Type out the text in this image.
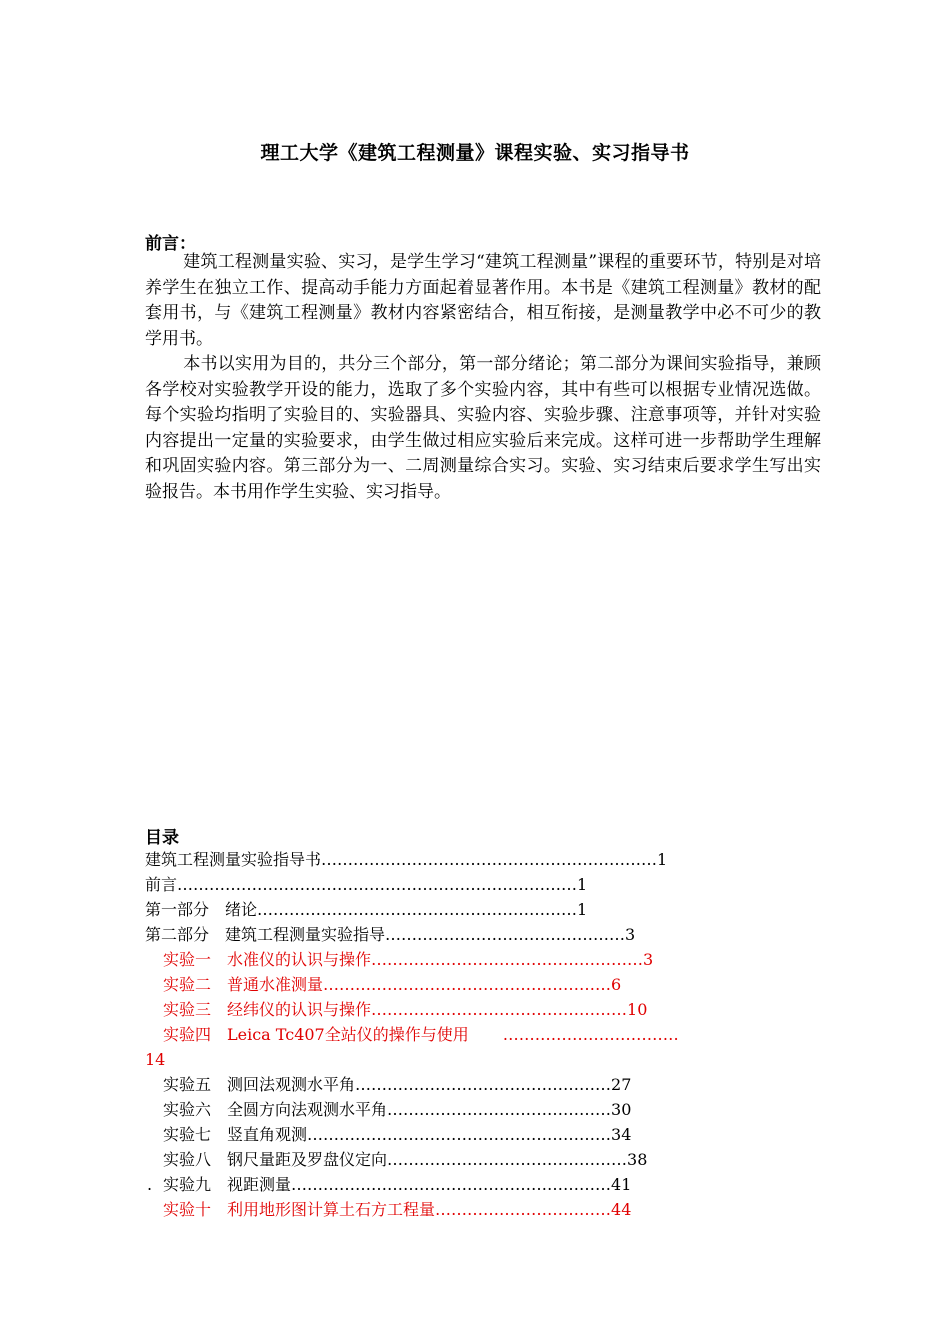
理工大学《建筑工程测量》课程实验、实习指导书
前言：

建筑工程测量实验、实习，是学生学习“建筑工程测量”课程的重要环节，特别是对培养学生在独立工作、提高动手能力方面起着显著作用。本书是《建筑工程测量》教材的配套用书，与《建筑工程测量》教材内容紧密结合，相互衔接，是测量教学中必不可少的教学用书。

本书以实用为目的，共分三个部分，第一部分绪论；第二部分为课间实验指导，兼顾各学校对实验教学开设的能力，选取了多个实验内容，其中有些可以根据专业情况选做。每个实验均指明了实验目的、实验器具、实验内容、实验步骤、注意事项等，并针对实验内容提出一定量的实验要求，由学生做过相应实验后来完成。这样可进一步帮助学生理解和巩固实验内容。第三部分为一、二周测量综合实习。实验、实习结束后要求学生写出实验报告。本书用作学生实验、实习指导。

目录
建筑工程测量实验指导书………………………………………………………1
前言…………………………………………………………………1
第一部分　绪论……………………………………………………1
第二部分　建筑工程测量实验指导………………………………………3
实验一　水准仪的认识与操作……………………………………………3
实验二　普通水准测量………………………………………………6
实验三　经纬仪的认识与操作…………………………………………10
实验四　Leica Tc407全站仪的操作与使用 ……………………………
14
实验五　测回法观测水平角…………………………………………27
实验六　全圆方向法观测水平角……………………………………30
实验七　竖直角观测…………………………………………………34
实验八　钢尺量距及罗盘仪定向………………………………………38
. 实验九　视距测量……………………………………………………41
实验十　利用地形图计算土石方工程量……………………………44
